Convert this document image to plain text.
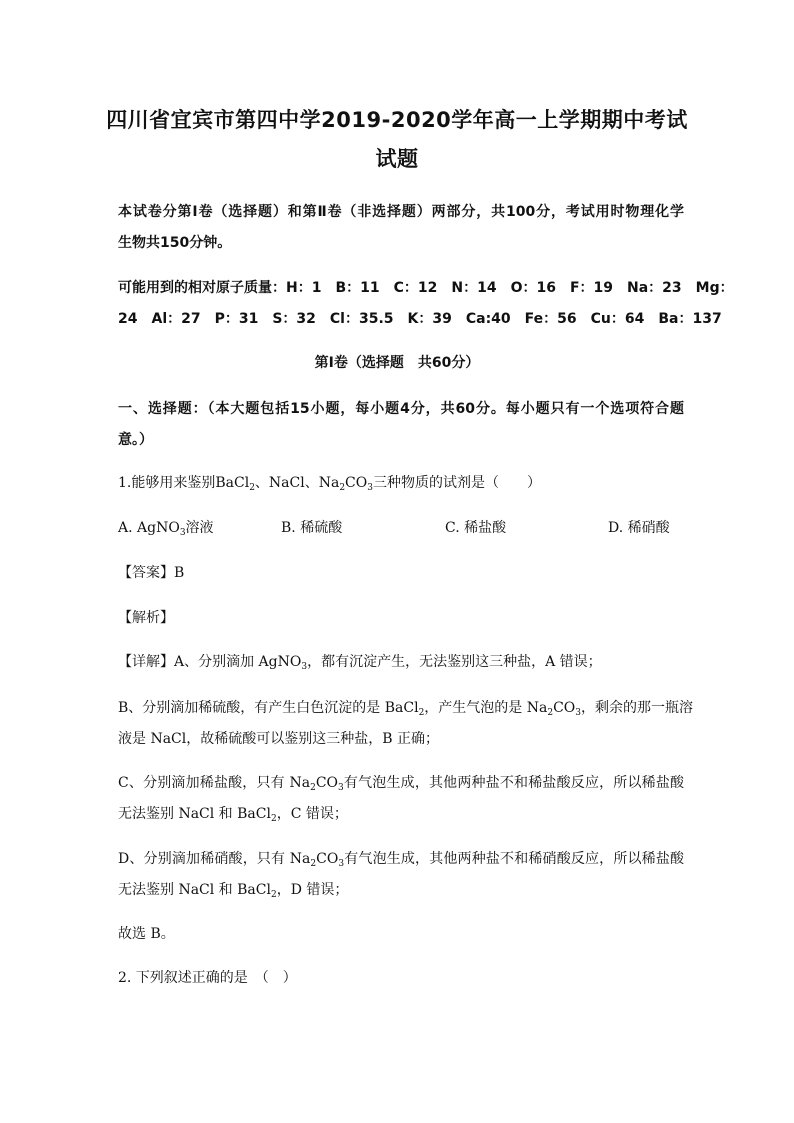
四川省宜宾市第四中学2019-2020学年高一上学期期中考试
试题
本试卷分第Ⅰ卷（选择题）和第Ⅱ卷（非选择题）两部分，共100分，考试用时物理化学
生物共150分钟。
可能用到的相对原子质量：H：1　B：11　C：12　N：14　O：16　F：19　Na：23　Mg：
24　Al：27　P：31　S：32　Cl：35.5　K：39　Ca:40　Fe：56　Cu：64　Ba：137
第Ⅰ卷（选择题　共60分）
一、选择题：（本大题包括15小题，每小题4分，共60分。每小题只有一个选项符合题
意。）
1.能够用来鉴别BaCl$_2$、NaCl、$Na_2CO_3$三种物质的试剂是（　　）
A. AgNO$_3$溶液	B. 稀硫酸	C. 稀盐酸	D. 稀硝酸
【答案】B
【解析】
【详解】A、分别滴加 AgNO$_3$，都有沉淀产生，无法鉴别这三种盐，A 错误；
B、分别滴加稀硫酸，有产生白色沉淀的是 BaCl$_2$，产生气泡的是 $Na_2CO_3$，剩余的那一瓶溶
液是 NaCl，故稀硫酸可以鉴别这三种盐，B 正确；
C、分别滴加稀盐酸，只有 $Na_2CO_3$有气泡生成，其他两种盐不和稀盐酸反应，所以稀盐酸
无法鉴别 NaCl 和 BaCl$_2$，C 错误；
D、分别滴加稀硝酸，只有 $Na_2CO_3$有气泡生成，其他两种盐不和稀硝酸反应，所以稀盐酸
无法鉴别 NaCl 和 BaCl$_2$，D 错误；
故选 B。
2. 下列叙述正确的是　（　）
